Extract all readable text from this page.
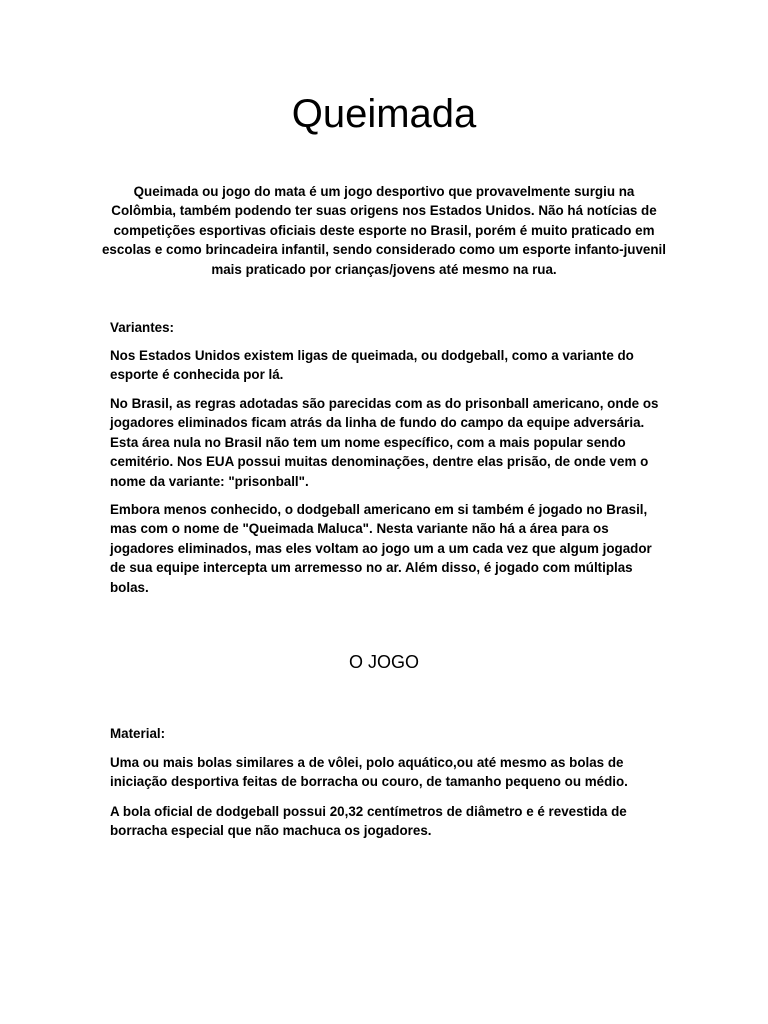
Queimada

Queimada ou jogo do mata é um jogo desportivo que provavelmente surgiu na Colômbia, também podendo ter suas origens nos Estados Unidos. Não há notícias de competições esportivas oficiais deste esporte no Brasil, porém é muito praticado em escolas e como brincadeira infantil, sendo considerado como um esporte infanto-juvenil mais praticado por crianças/jovens até mesmo na rua.

Variantes:

Nos Estados Unidos existem ligas de queimada, ou dodgeball, como a variante do esporte é conhecida por lá.

No Brasil, as regras adotadas são parecidas com as do prisonball americano, onde os jogadores eliminados ficam atrás da linha de fundo do campo da equipe adversária. Esta área nula no Brasil não tem um nome específico, com a mais popular sendo cemitério. Nos EUA possui muitas denominações, dentre elas prisão, de onde vem o nome da variante: "prisonball".

Embora menos conhecido, o dodgeball americano em si também é jogado no Brasil, mas com o nome de "Queimada Maluca". Nesta variante não há a área para os jogadores eliminados, mas eles voltam ao jogo um a um cada vez que algum jogador de sua equipe intercepta um arremesso no ar. Além disso, é jogado com múltiplas bolas.

O JOGO

Material:

Uma ou mais bolas similares a de vôlei, polo aquático,ou até mesmo as bolas de iniciação desportiva feitas de borracha ou couro, de tamanho pequeno ou médio.

A bola oficial de dodgeball possui 20,32 centímetros de diâmetro e é revestida de borracha especial que não machuca os jogadores.
